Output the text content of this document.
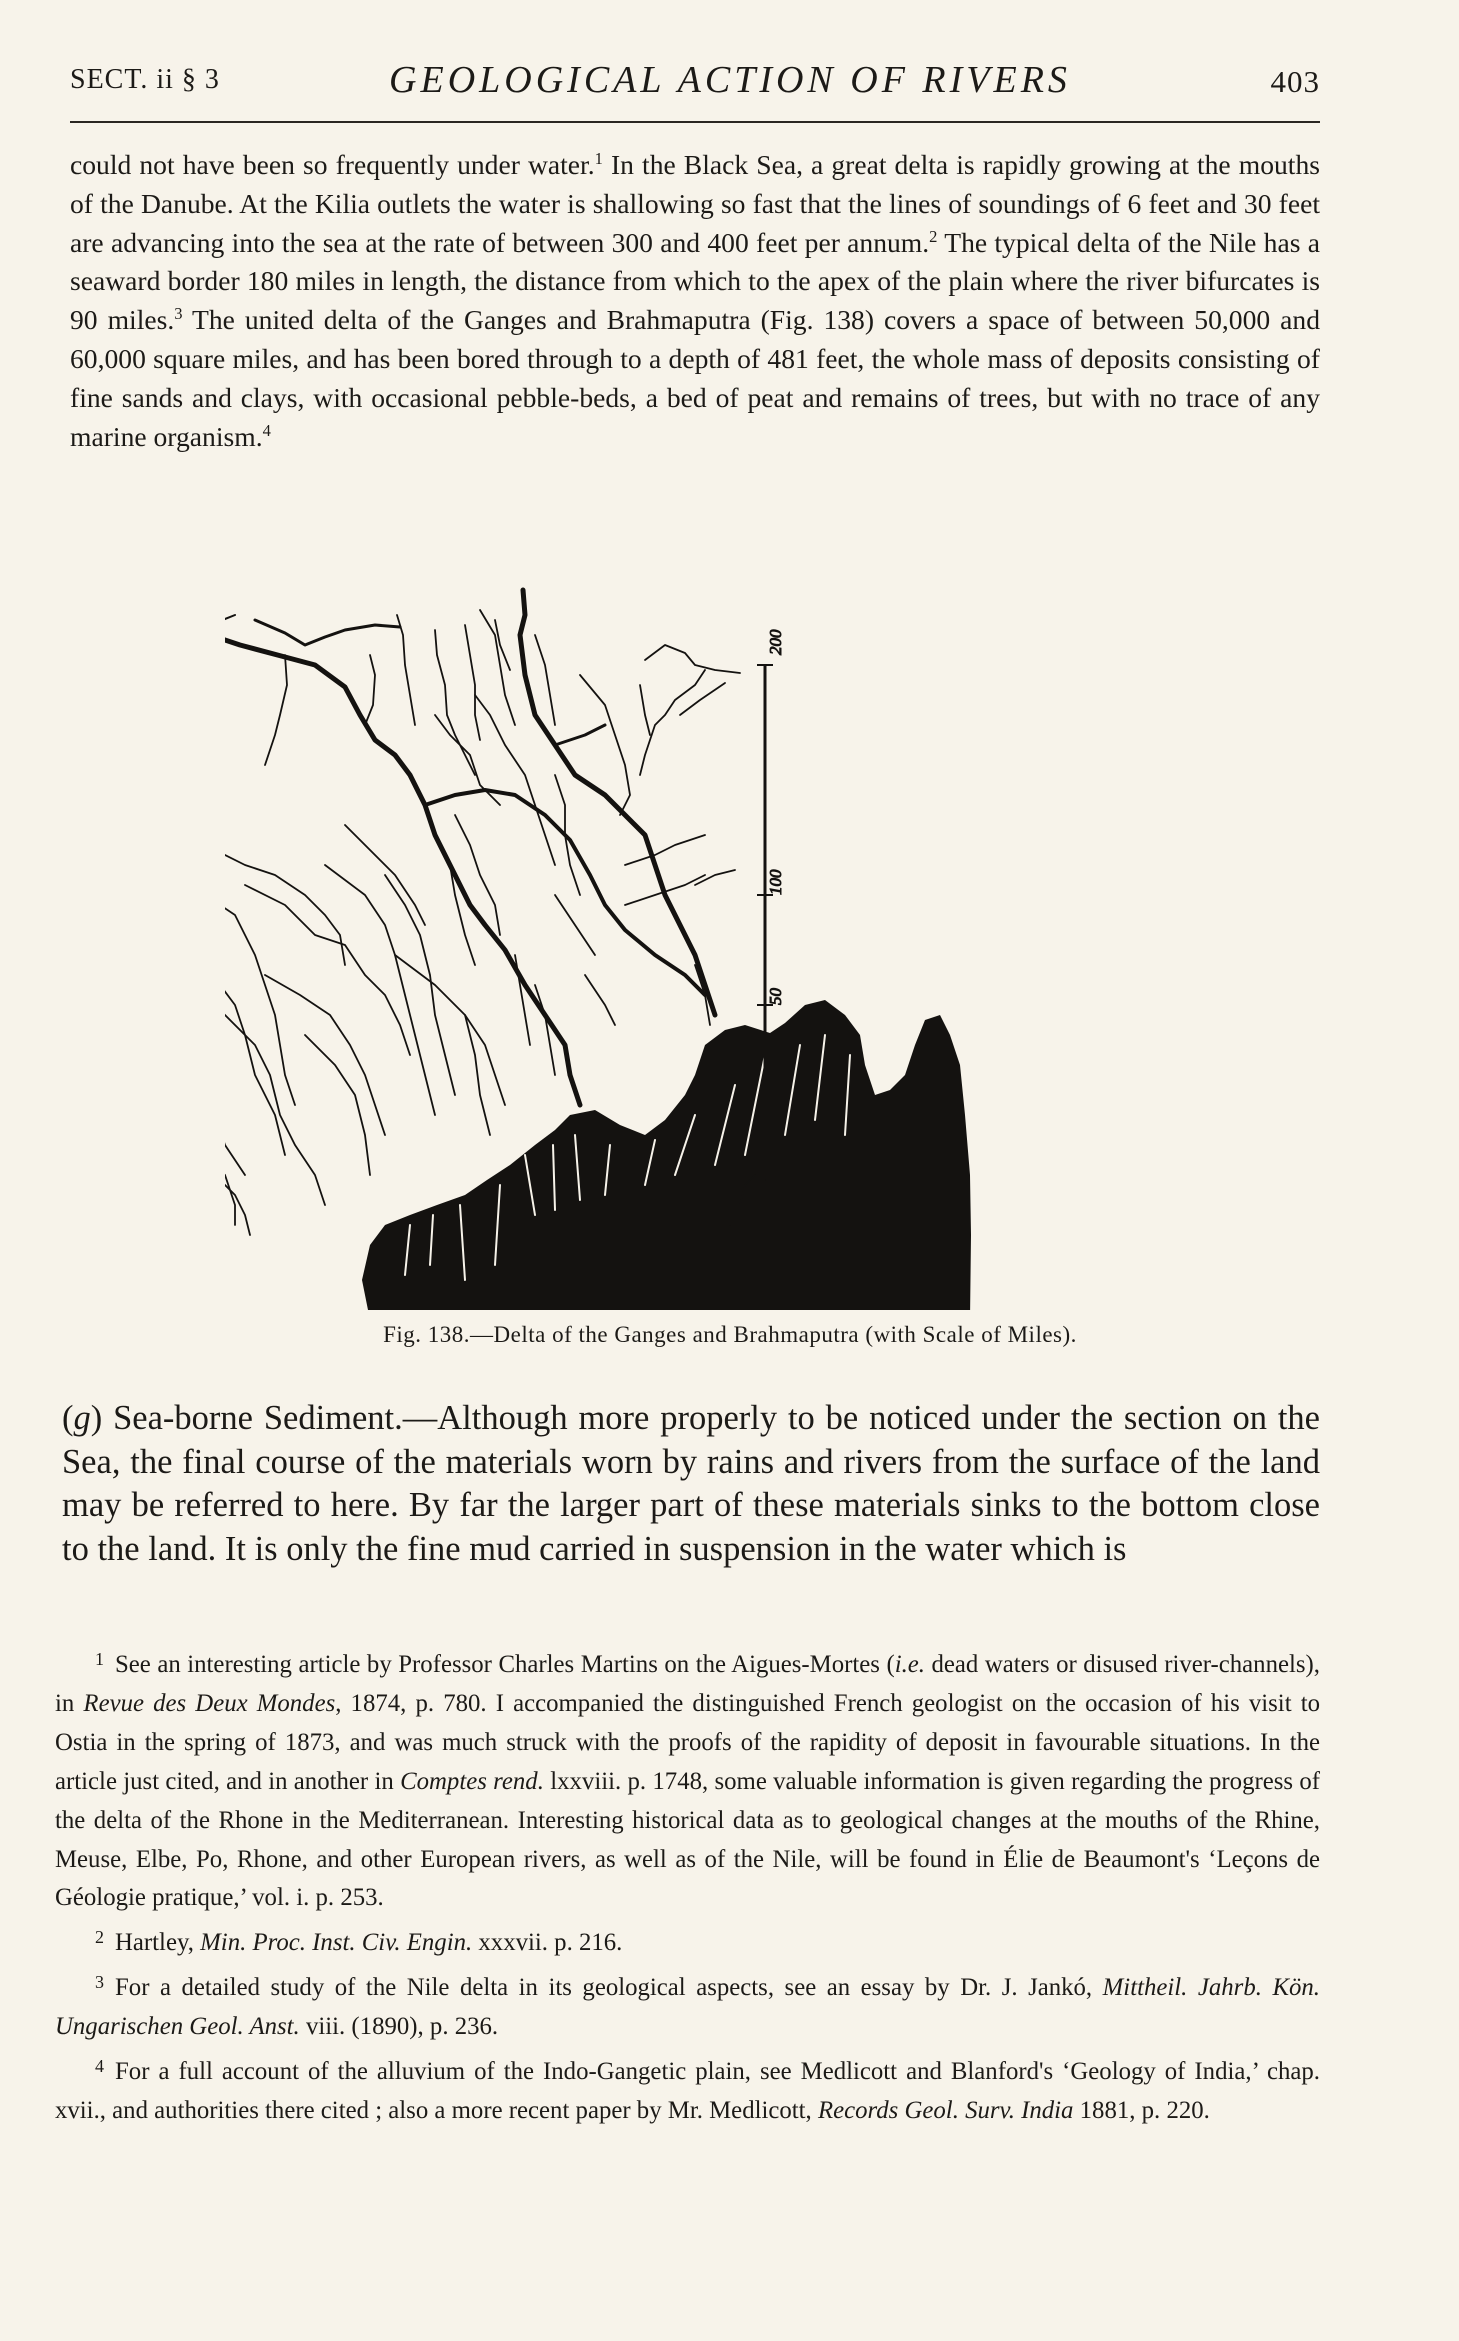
SECT. ii § 3	GEOLOGICAL ACTION OF RIVERS	403
could not have been so frequently under water.$^1$ In the Black Sea, a great delta is rapidly growing at the mouths of the Danube. At the Kilia outlets the water is shallowing so fast that the lines of soundings of 6 feet and 30 feet are advancing into the sea at the rate of between 300 and 400 feet per annum.$^2$ The typical delta of the Nile has a seaward border 180 miles in length, the distance from which to the apex of the plain where the river bifurcates is 90 miles.$^3$ The united delta of the Ganges and Brahmaputra (Fig. 138) covers a space of between 50,000 and 60,000 square miles, and has been bored through to a depth of 481 feet, the whole mass of deposits consisting of fine sands and clays, with occasional pebble-beds, a bed of peat and remains of trees, but with no trace of any marine organism.$^4$
200
100
50
Fig. 138.—Delta of the Ganges and Brahmaputra (with Scale of Miles).
(g) Sea-borne Sediment.—Although more properly to be noticed under the section on the Sea, the final course of the materials worn by rains and rivers from the surface of the land may be referred to here. By far the larger part of these materials sinks to the bottom close to the land. It is only the fine mud carried in suspension in the water which is
1 See an interesting article by Professor Charles Martins on the Aigues-Mortes (i.e. dead waters or disused river-channels), in Revue des Deux Mondes, 1874, p. 780. I accompanied the distinguished French geologist on the occasion of his visit to Ostia in the spring of 1873, and was much struck with the proofs of the rapidity of deposit in favourable situations. In the article just cited, and in another in Comptes rend. lxxviii. p. 1748, some valuable information is given regarding the progress of the delta of the Rhone in the Mediterranean. Interesting historical data as to geological changes at the mouths of the Rhine, Meuse, Elbe, Po, Rhone, and other European rivers, as well as of the Nile, will be found in Élie de Beaumont's ‘Leçons de Géologie pratique,’ vol. i. p. 253.
2 Hartley, Min. Proc. Inst. Civ. Engin. xxxvii. p. 216.
3 For a detailed study of the Nile delta in its geological aspects, see an essay by Dr. J. Jankó, Mittheil. Jahrb. Kön. Ungarischen Geol. Anst. viii. (1890), p. 236.
4 For a full account of the alluvium of the Indo-Gangetic plain, see Medlicott and Blanford's ‘Geology of India,’ chap. xvii., and authorities there cited ; also a more recent paper by Mr. Medlicott, Records Geol. Surv. India 1881, p. 220.
